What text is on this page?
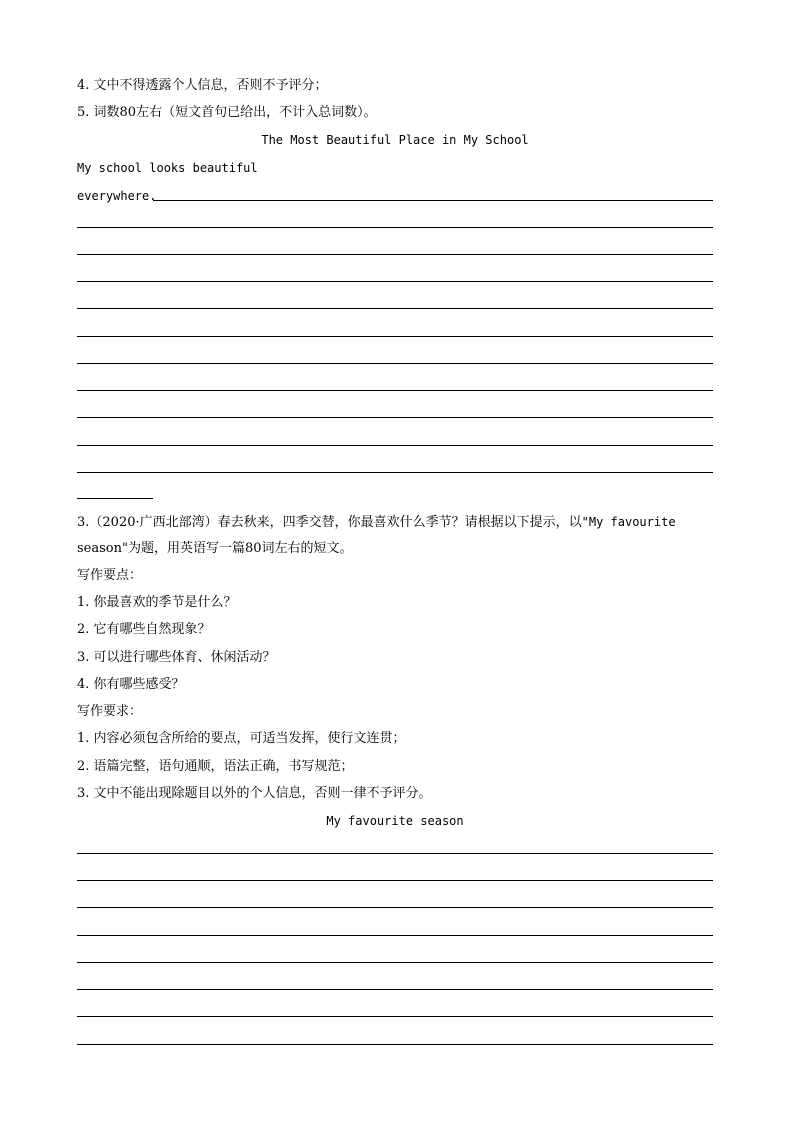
4. 文中不得透露个人信息，否则不予评分；
5. 词数80左右（短文首句已给出，不计入总词数）。
The Most Beautiful Place in My School
My school looks beautiful
everywhere.
3.（2020·广西北部湾）春去秋来，四季交替，你最喜欢什么季节？请根据以下提示，以"My favourite
season"为题，用英语写一篇80词左右的短文。
写作要点：
1. 你最喜欢的季节是什么？
2. 它有哪些自然现象？
3. 可以进行哪些体育、休闲活动？
4. 你有哪些感受？
写作要求：
1. 内容必须包含所给的要点，可适当发挥，使行文连贯；
2. 语篇完整，语句通顺，语法正确，书写规范；
3. 文中不能出现除题目以外的个人信息，否则一律不予评分。
My favourite season
